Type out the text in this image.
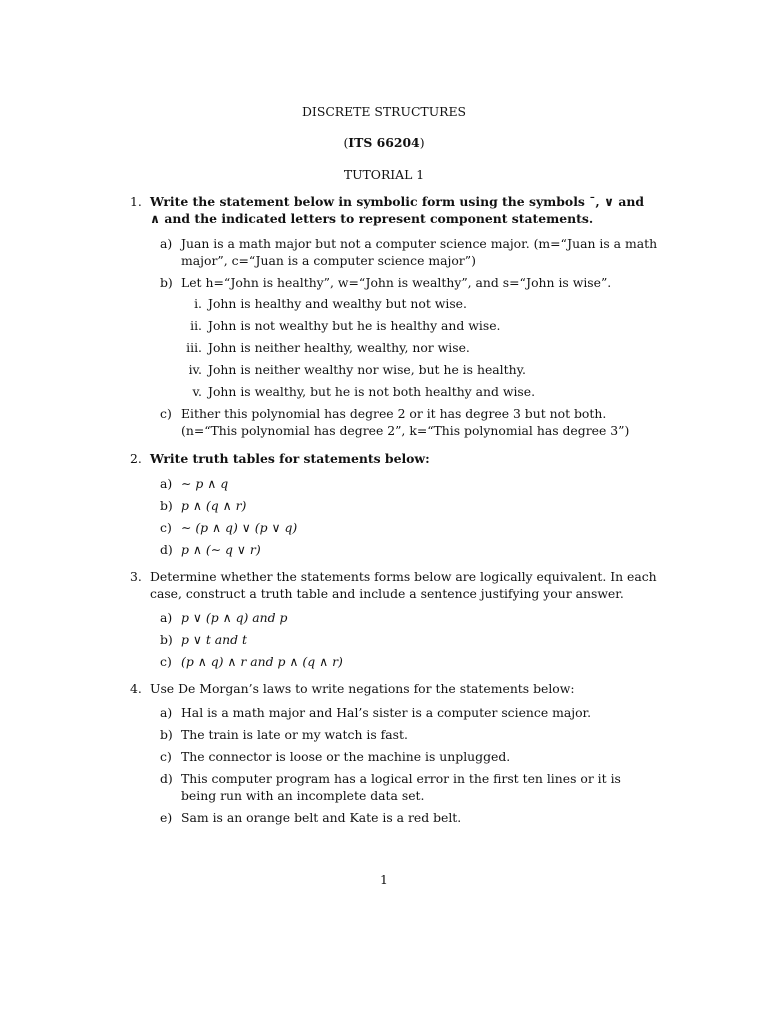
DISCRETE STRUCTURES
(ITS 66204)
TUTORIAL 1
1. Write the statement below in symbolic form using the symbols ¯, ∨ and ∧ and the indicated letters to represent component statements.
a) Juan is a math major but not a computer science major. (m=“Juan is a math major”, c=“Juan is a computer science major”)
b) Let h=“John is healthy”, w=“John is wealthy”, and s=“John is wise”.
i. John is healthy and wealthy but not wise.
ii. John is not wealthy but he is healthy and wise.
iii. John is neither healthy, wealthy, nor wise.
iv. John is neither wealthy nor wise, but he is healthy.
v. John is wealthy, but he is not both healthy and wise.
c) Either this polynomial has degree 2 or it has degree 3 but not both. (n=“This polynomial has degree 2”, k=“This polynomial has degree 3”)
2. Write truth tables for statements below:
a) ∼ p ∧ q
b) p ∧ (q ∧ r)
c) ∼ (p ∧ q) ∨ (p ∨ q)
d) p ∧ (∼ q ∨ r)
3. Determine whether the statements forms below are logically equivalent. In each case, construct a truth table and include a sentence justifying your answer.
a) p ∨ (p ∧ q) and p
b) p ∨ t and t
c) (p ∧ q) ∧ r and p ∧ (q ∧ r)
4. Use De Morgan’s laws to write negations for the statements below:
a) Hal is a math major and Hal’s sister is a computer science major.
b) The train is late or my watch is fast.
c) The connector is loose or the machine is unplugged.
d) This computer program has a logical error in the first ten lines or it is being run with an incomplete data set.
e) Sam is an orange belt and Kate is a red belt.
1
